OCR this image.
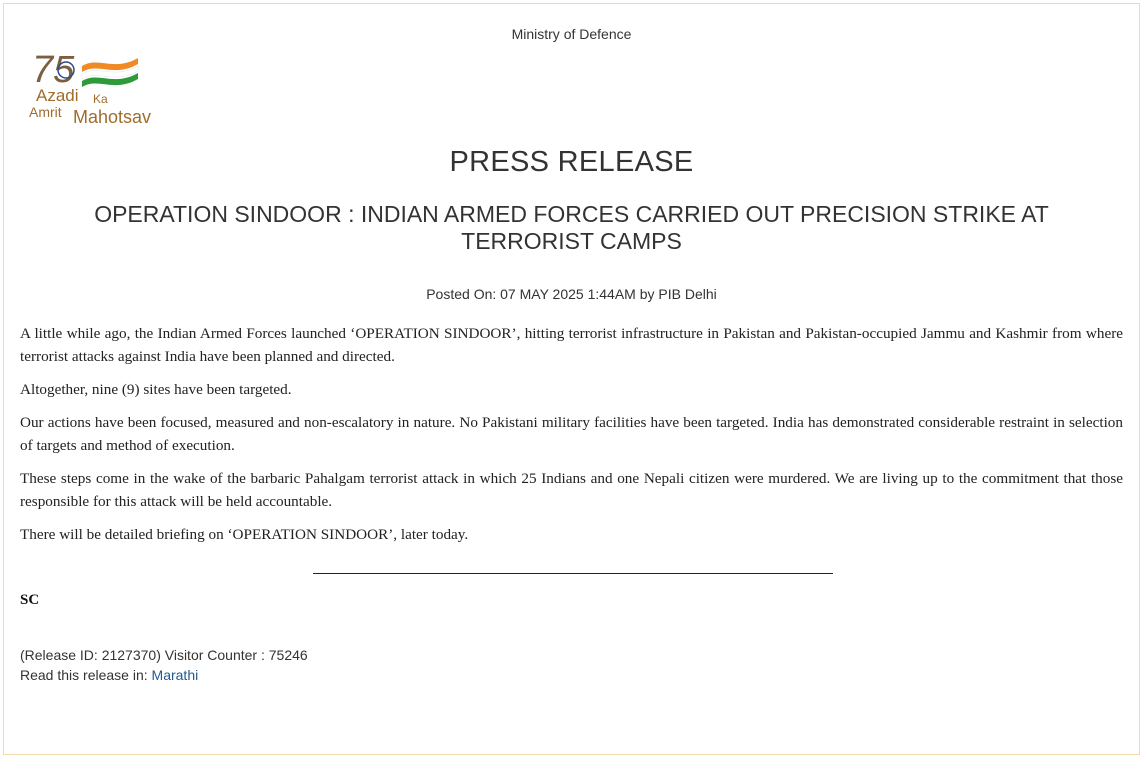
Ministry of Defence
75
Azadi Ka
Amrit Mahotsav
PRESS RELEASE
OPERATION SINDOOR : INDIAN ARMED FORCES CARRIED OUT PRECISION STRIKE AT TERRORIST CAMPS
Posted On: 07 MAY 2025 1:44AM by PIB Delhi

A little while ago, the Indian Armed Forces launched ‘OPERATION SINDOOR’, hitting terrorist infrastructure in Pakistan and Pakistan-occupied Jammu and Kashmir from where terrorist attacks against India have been planned and directed.

Altogether, nine (9) sites have been targeted.

Our actions have been focused, measured and non-escalatory in nature. No Pakistani military facilities have been targeted. India has demonstrated considerable restraint in selection of targets and method of execution.

These steps come in the wake of the barbaric Pahalgam terrorist attack in which 25 Indians and one Nepali citizen were murdered. We are living up to the commitment that those responsible for this attack will be held accountable.

There will be detailed briefing on ‘OPERATION SINDOOR’, later today.

SC
(Release ID: 2127370) Visitor Counter : 75246
Read this release in: Marathi
